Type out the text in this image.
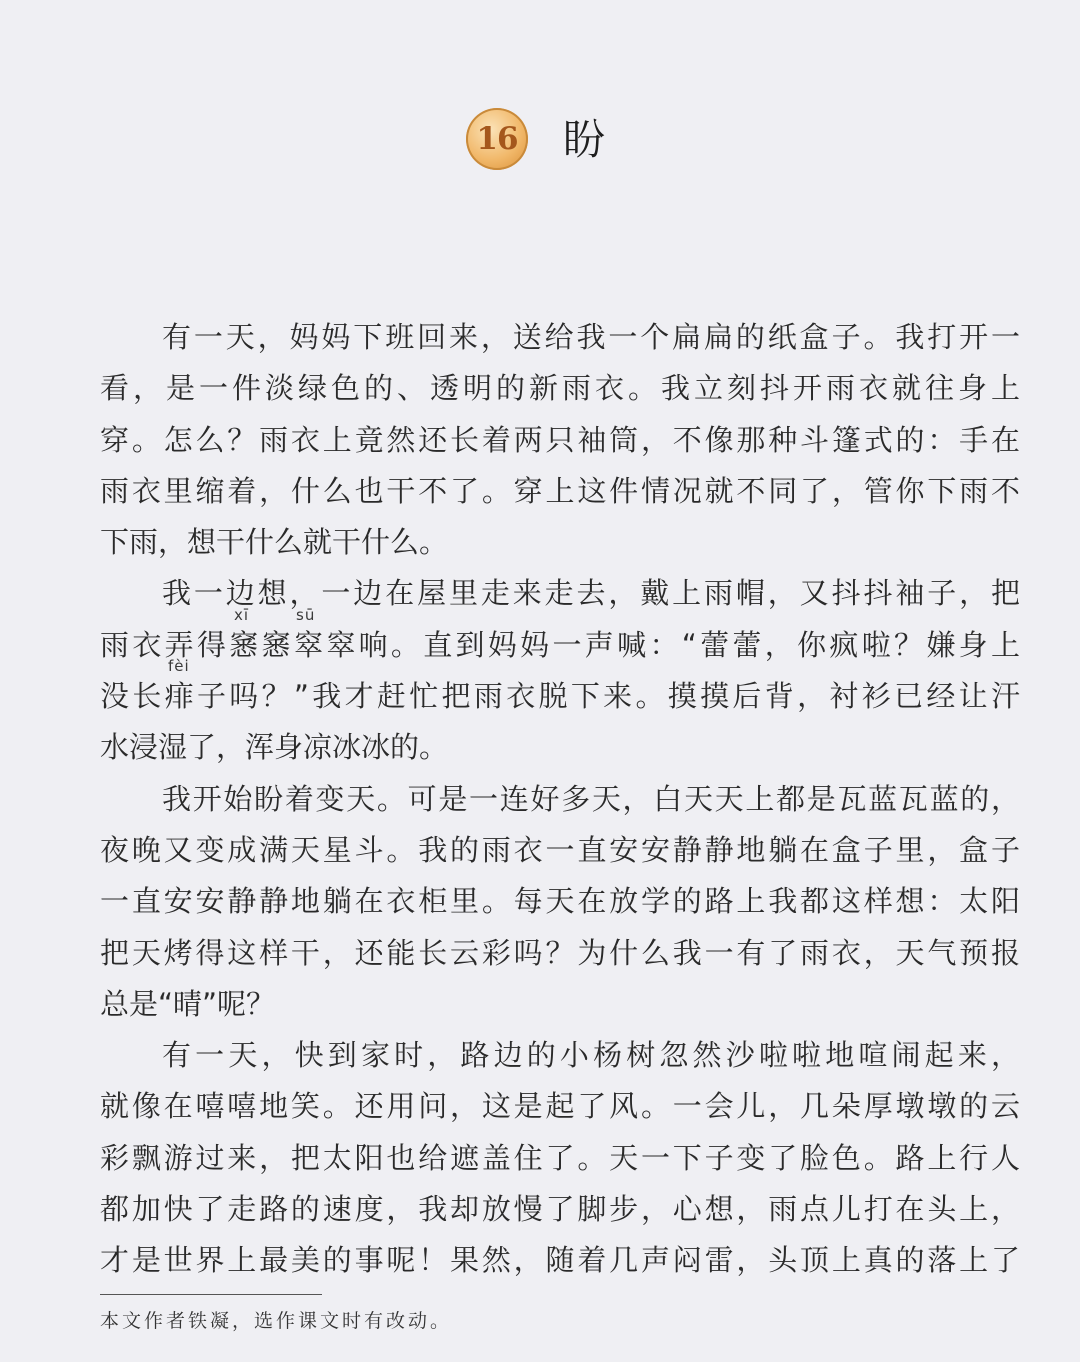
16 盼
有一天，妈妈下班回来，送给我一个扁扁的纸盒子。我打开一
看，是一件淡绿色的、透明的新雨衣。我立刻抖开雨衣就往身上
穿。怎么？雨衣上竟然还长着两只袖筒，不像那种斗篷式的：手在
雨衣里缩着，什么也干不了。穿上这件情况就不同了，管你下雨不
下雨，想干什么就干什么。
我一边想，一边在屋里走来走去，戴上雨帽，又抖抖袖子，把
xī	sū
雨衣弄得窸窸窣窣响。直到妈妈一声喊：“蕾蕾，你疯啦？嫌身上
fèi
没长痱子吗？”我才赶忙把雨衣脱下来。摸摸后背，衬衫已经让汗
水浸湿了，浑身凉冰冰的。
我开始盼着变天。可是一连好多天，白天天上都是瓦蓝瓦蓝的，
夜晚又变成满天星斗。我的雨衣一直安安静静地躺在盒子里，盒子
一直安安静静地躺在衣柜里。每天在放学的路上我都这样想：太阳
把天烤得这样干，还能长云彩吗？为什么我一有了雨衣，天气预报
总是“晴”呢？
有一天，快到家时，路边的小杨树忽然沙啦啦地喧闹起来，
就像在嘻嘻地笑。还用问，这是起了风。一会儿，几朵厚墩墩的云
彩飘游过来，把太阳也给遮盖住了。天一下子变了脸色。路上行人
都加快了走路的速度，我却放慢了脚步，心想，雨点儿打在头上，
才是世界上最美的事呢！果然，随着几声闷雷，头顶上真的落上了
本文作者铁凝，选作课文时有改动。
